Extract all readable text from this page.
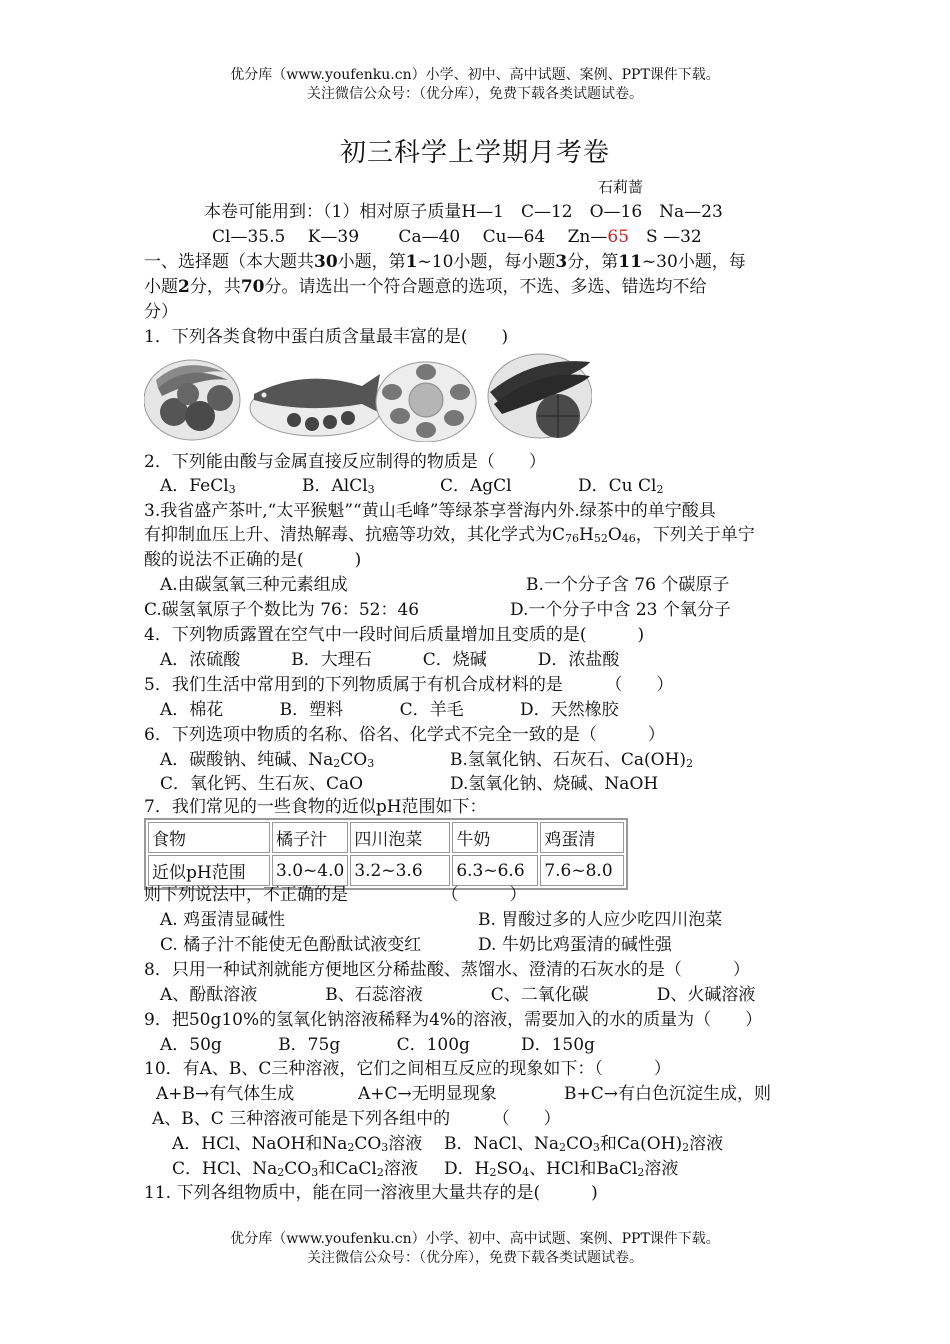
优分库（www.youfenku.cn）小学、初中、高中试题、案例、PPT课件下载。
关注微信公众号：（优分库），免费下载各类试题试卷。
初三科学上学期月考卷
石莉蔷
本卷可能用到：（1）相对原子质量H—1　C—12　O—16　Na—23
Cl—35.5　 K—39　　 Ca—40　 Cu—64　 Zn—65　S —32
一、选择题（本大题共30小题，第1~10小题，每小题3分，第11~30小题，每
小题2分，共70分。请选出一个符合题意的选项，不选、多选、错选均不给
分）
1．下列各类食物中蛋白质含量最丰富的是(　　)
2．下列能由酸与金属直接反应制得的物质是（　　）
A．FeCl$_3$	B．AlCl$_3$	C．AgCl	D．Cu $Cl_2$
3.我省盛产茶叶,“太平猴魁”“黄山毛峰”等绿茶享誉海内外.绿茶中的单宁酸具
有抑制血压上升、清热解毒、抗癌等功效，其化学式为$C_{76}H_{52}O_{46}$，下列关于单宁
酸的说法不正确的是(　　　)
A.由碳氢氧三种元素组成	B.一个分子含 76 个碳原子
C.碳氢氧原子个数比为 76：52：46	D.一个分子中含 23 个氧分子
4．下列物质露置在空气中一段时间后质量增加且变质的是(　　　)
A．浓硫酸　　　B．大理石　　　C．烧碱　　　D．浓盐酸
5．我们生活中常用到的下列物质属于有机合成材料的是　　　（　　）
A．棉花　　　 B．塑料　　　 C．羊毛　　　 D．天然橡胶
6．下列选项中物质的名称、俗名、化学式不完全一致的是（　　　）
A．碳酸钠、纯碱、$Na_2CO_3$	B.氢氧化钠、石灰石、$Ca(OH)_2$
C．氧化钙、生石灰、CaO	D.氢氧化钠、烧碱、NaOH
7．我们常见的一些食物的近似pH范围如下：
食物	橘子汁	四川泡菜	牛奶	鸡蛋清
近似pH范围	3.0~4.0	3.2~3.6	6.3~6.6	7.6~8.0
则下列说法中，不正确的是　　　　　　（　　　）
A. 鸡蛋清显碱性	B. 胃酸过多的人应少吃四川泡菜
C. 橘子汁不能使无色酚酞试液变红	D. 牛奶比鸡蛋清的碱性强
8．只用一种试剂就能方便地区分稀盐酸、蒸馏水、澄清的石灰水的是（　　　）
A、酚酞溶液　　　　B、石蕊溶液　　　　C、二氧化碳　　　　D、火碱溶液
9．把50g10%的氢氧化钠溶液稀释为4%的溶液，需要加入的水的质量为（　　）
A．50g　　　 B．75g　　　 C．100g　　　D．150g
10．有A、B、C三种溶液，它们之间相互反应的现象如下：（　　　）
A+B→有气体生成	A+C→无明显现象	B+C→有白色沉淀生成，则
A、B、C 三种溶液可能是下列各组中的　　　（　　）
A．HCl、NaOH和$Na_2CO_3$溶液 B．NaCl、$Na_2CO_3$和$Ca(OH)_2$溶液
C．HCl、$Na_2CO_3$和CaCl$_2$溶液 D．$H_2SO_4$、HCl和BaCl$_2$溶液
11. 下列各组物质中，能在同一溶液里大量共存的是(　　　)
优分库（www.youfenku.cn）小学、初中、高中试题、案例、PPT课件下载。
关注微信公众号：（优分库），免费下载各类试题试卷。
